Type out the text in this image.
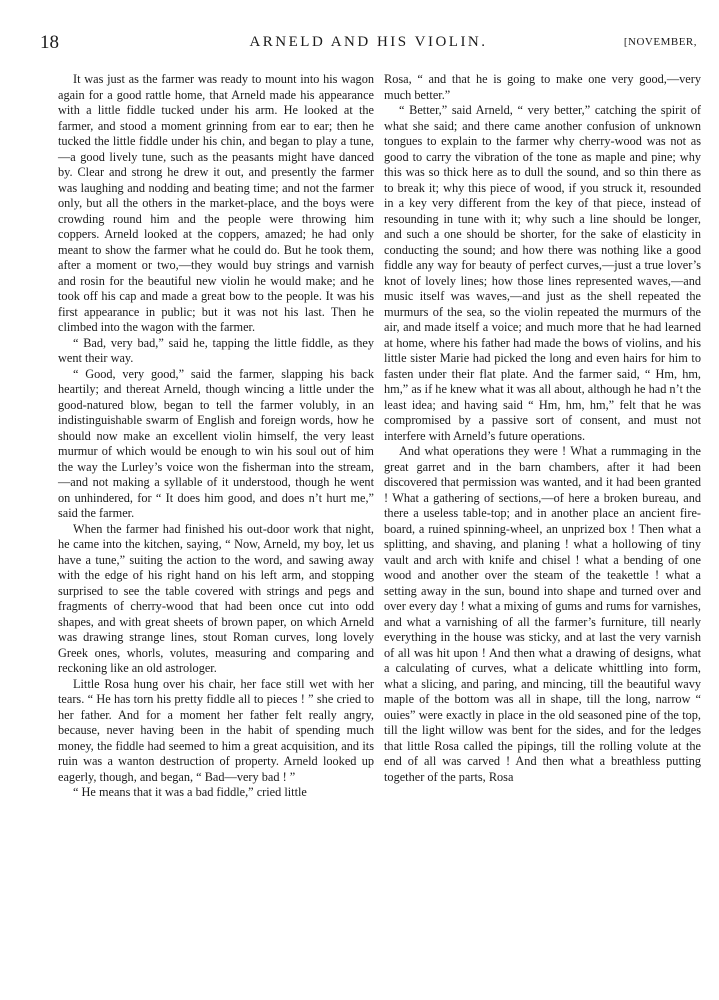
18	ARNELD AND HIS VIOLIN.	[NOVEMBER,

It was just as the farmer was ready to mount into his wagon again for a good rattle home, that Arneld made his appearance with a little fiddle tucked under his arm. He looked at the farmer, and stood a moment grinning from ear to ear; then he tucked the little fiddle under his chin, and began to play a tune,—a good lively tune, such as the peasants might have danced by. Clear and strong he drew it out, and presently the farmer was laughing and nodding and beating time; and not the farmer only, but all the others in the market-place, and the boys were crowding round him and the people were throwing him coppers. Arneld looked at the coppers, amazed; he had only meant to show the farmer what he could do. But he took them, after a moment or two,—they would buy strings and varnish and rosin for the beautiful new violin he would make; and he took off his cap and made a great bow to the people. It was his first appearance in public; but it was not his last. Then he climbed into the wagon with the farmer.

“ Bad, very bad,” said he, tapping the little fiddle, as they went their way.

“ Good, very good,” said the farmer, slapping his back heartily; and thereat Arneld, though wincing a little under the good-natured blow, began to tell the farmer volubly, in an indistinguishable swarm of English and foreign words, how he should now make an excellent violin himself, the very least murmur of which would be enough to win his soul out of him the way the Lurley’s voice won the fisherman into the stream,—and not making a syllable of it understood, though he went on unhindered, for “ It does him good, and does n’t hurt me,” said the farmer.

When the farmer had finished his out-door work that night, he came into the kitchen, saying, “ Now, Arneld, my boy, let us have a tune,” suiting the action to the word, and sawing away with the edge of his right hand on his left arm, and stopping surprised to see the table covered with strings and pegs and fragments of cherry-wood that had been once cut into odd shapes, and with great sheets of brown paper, on which Arneld was drawing strange lines, stout Roman curves, long lovely Greek ones, whorls, volutes, measuring and comparing and reckoning like an old astrologer.

Little Rosa hung over his chair, her face still wet with her tears. “ He has torn his pretty fiddle all to pieces ! ” she cried to her father. And for a moment her father felt really angry, because, never having been in the habit of spending much money, the fiddle had seemed to him a great acquisition, and its ruin was a wanton destruction of property. Arneld looked up eagerly, though, and began, “ Bad—very bad ! ”

“ He means that it was a bad fiddle,” cried little

Rosa, “ and that he is going to make one very good,—very much better.”

“ Better,” said Arneld, “ very better,” catching the spirit of what she said; and there came another confusion of unknown tongues to explain to the farmer why cherry-wood was not as good to carry the vibration of the tone as maple and pine; why this was so thick here as to dull the sound, and so thin there as to break it; why this piece of wood, if you struck it, resounded in a key very different from the key of that piece, instead of resounding in tune with it; why such a line should be longer, and such a one should be shorter, for the sake of elasticity in conducting the sound; and how there was nothing like a good fiddle any way for beauty of perfect curves,—just a true lover’s knot of lovely lines; how those lines represented waves,—and music itself was waves,—and just as the shell repeated the murmurs of the sea, so the violin repeated the murmurs of the air, and made itself a voice; and much more that he had learned at home, where his father had made the bows of violins, and his little sister Marie had picked the long and even hairs for him to fasten under their flat plate. And the farmer said, “ Hm, hm, hm,” as if he knew what it was all about, although he had n’t the least idea; and having said “ Hm, hm, hm,” felt that he was compromised by a passive sort of consent, and must not interfere with Arneld’s future operations.

And what operations they were ! What a rummaging in the great garret and in the barn chambers, after it had been discovered that permission was wanted, and it had been granted ! What a gathering of sections,—of here a broken bureau, and there a useless table-top; and in another place an ancient fire-board, a ruined spinning-wheel, an unprized box ! Then what a splitting, and shaving, and planing ! what a hollowing of tiny vault and arch with knife and chisel ! what a bending of one wood and another over the steam of the teakettle ! what a setting away in the sun, bound into shape and turned over and over every day ! what a mixing of gums and rums for varnishes, and what a varnishing of all the farmer’s furniture, till nearly everything in the house was sticky, and at last the very varnish of all was hit upon ! And then what a drawing of designs, what a calculating of curves, what a delicate whittling into form, what a slicing, and paring, and mincing, till the beautiful wavy maple of the bottom was all in shape, till the long, narrow “ ouies” were exactly in place in the old seasoned pine of the top, till the light willow was bent for the sides, and for the ledges that little Rosa called the pipings, till the rolling volute at the end of all was carved ! And then what a breathless putting together of the parts, Rosa
